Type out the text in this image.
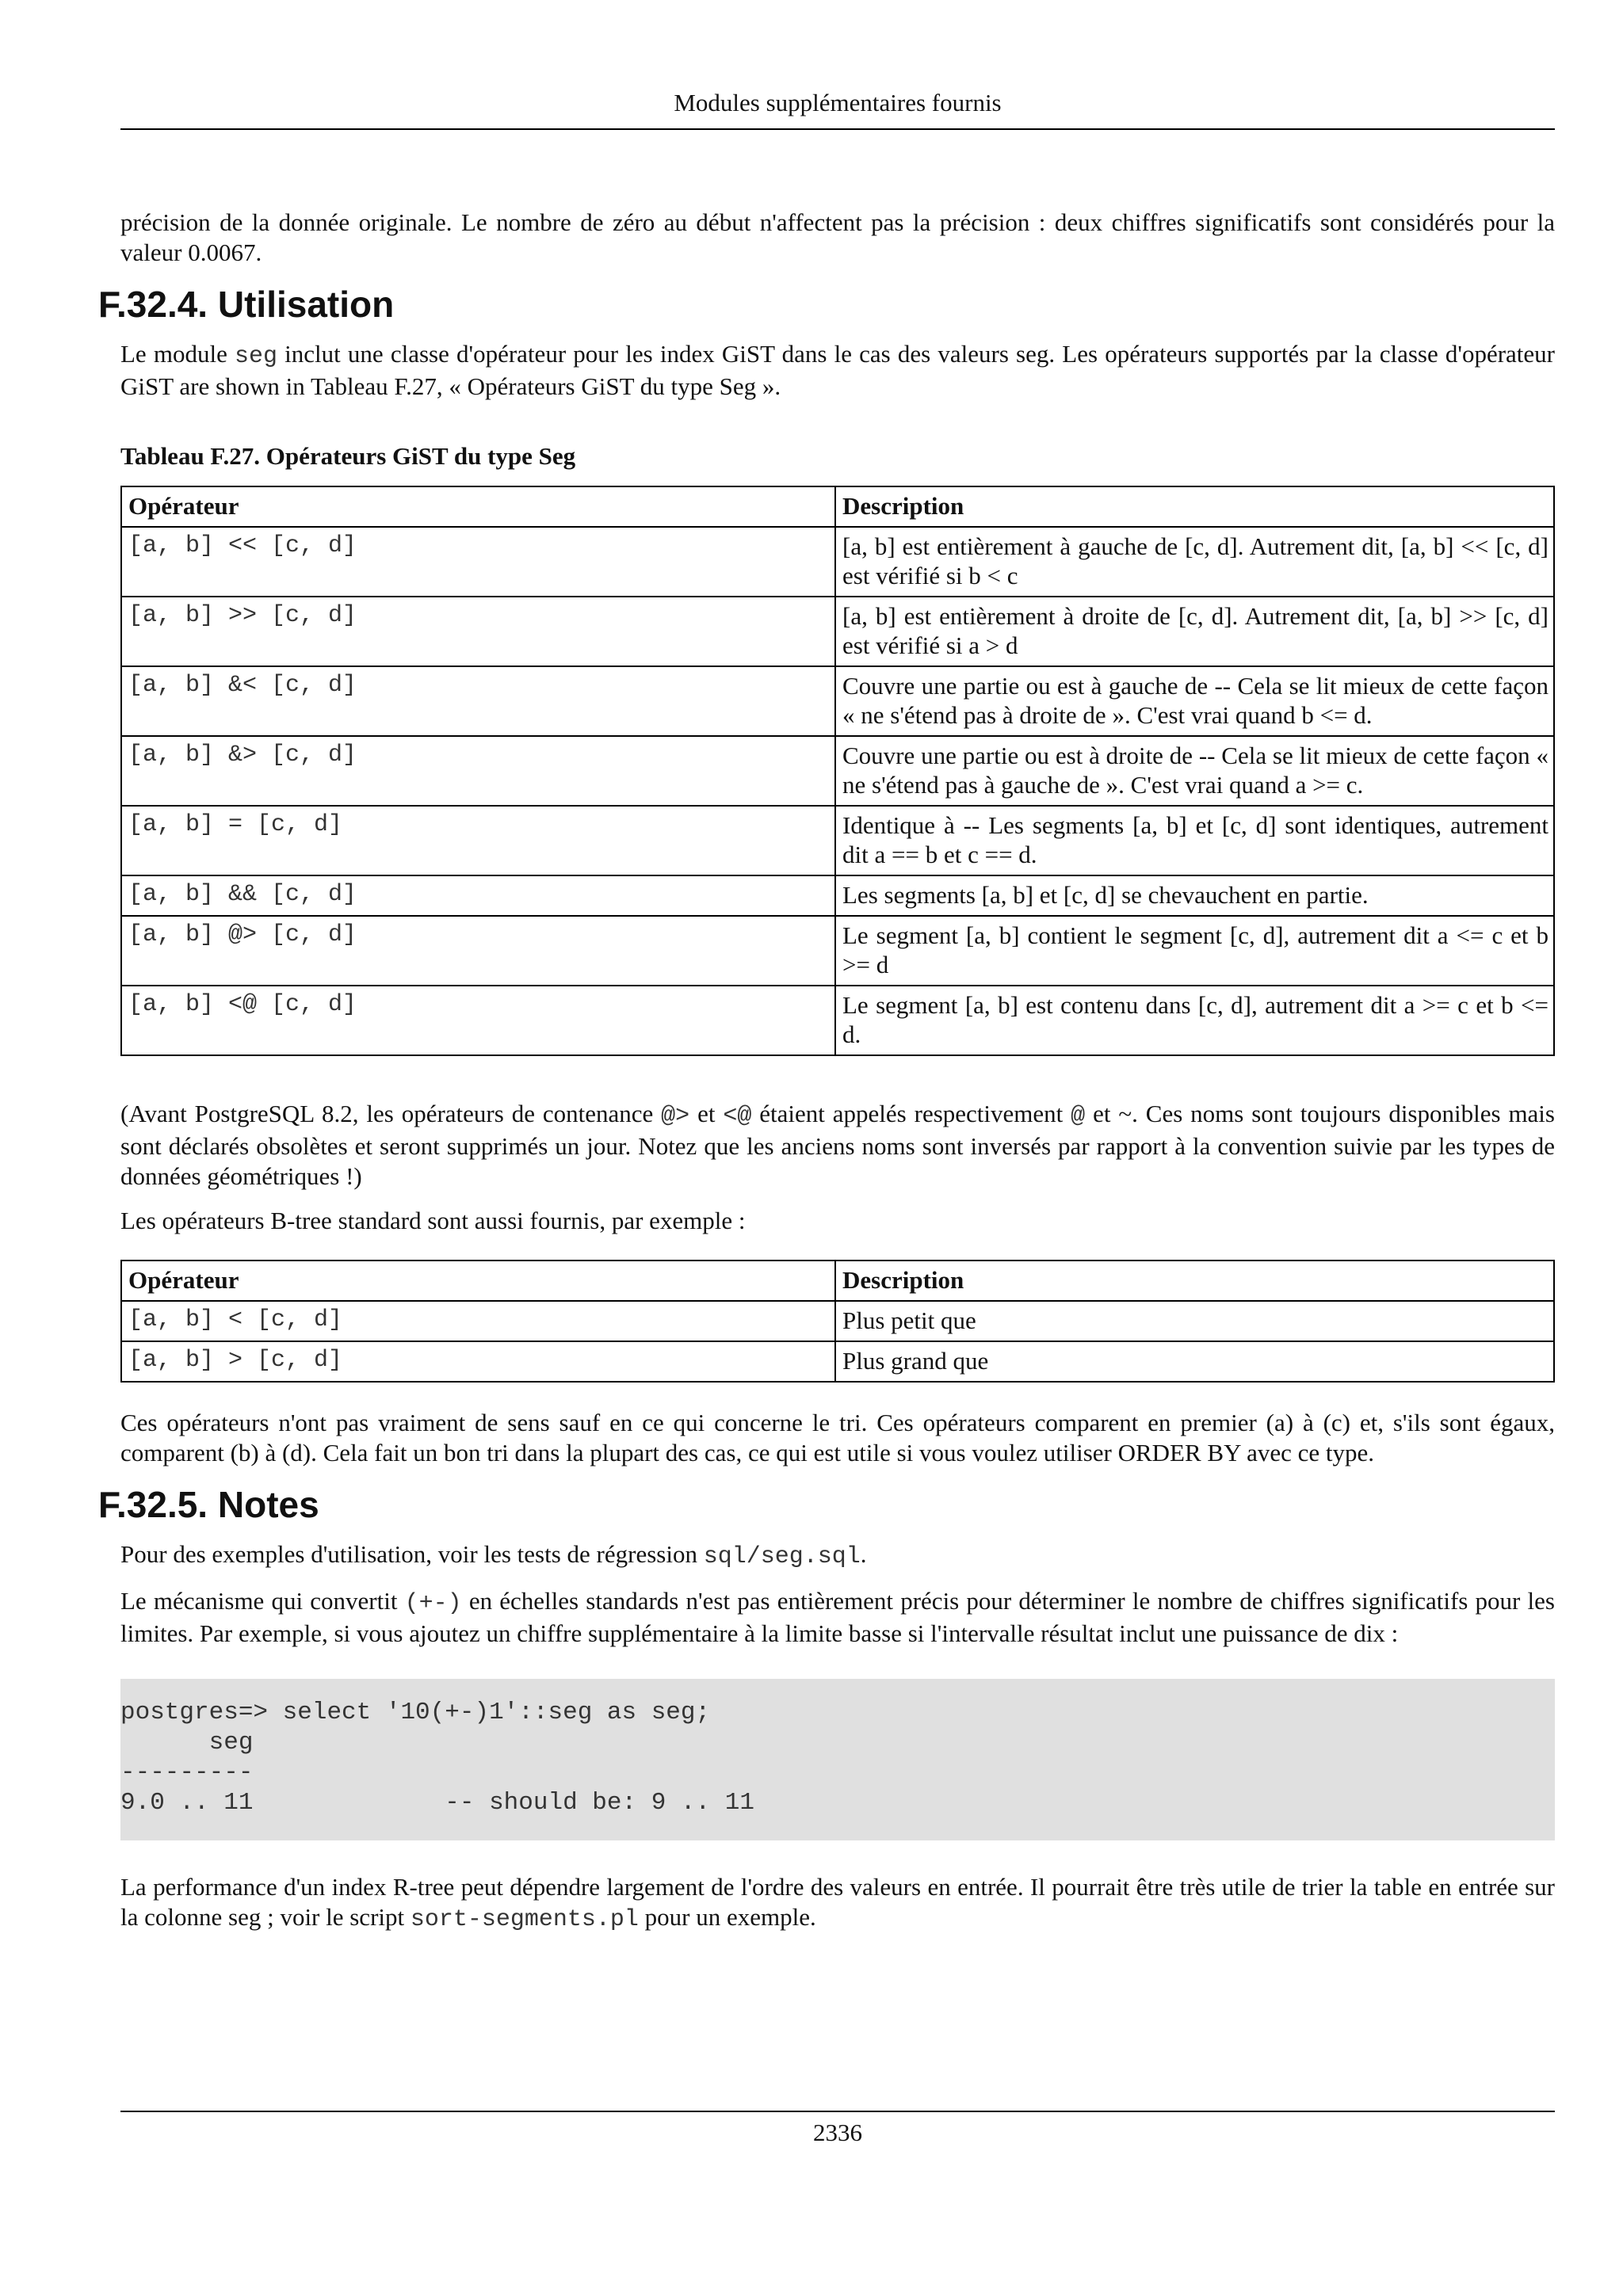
Modules supplémentaires fournis

précision de la donnée originale. Le nombre de zéro au début n'affectent pas la précision : deux chiffres significatifs sont considérés pour la valeur 0.0067.

F.32.4. Utilisation

Le module seg inclut une classe d'opérateur pour les index GiST dans le cas des valeurs seg. Les opérateurs supportés par la classe d'opérateur GiST are shown in Tableau F.27, « Opérateurs GiST du type Seg ».

Tableau F.27. Opérateurs GiST du type Seg
Opérateur	Description
[a, b] << [c, d]	[a, b] est entièrement à gauche de [c, d]. Autrement dit, [a, b] << [c, d] est vérifié si b < c
[a, b] >> [c, d]	[a, b] est entièrement à droite de [c, d]. Autrement dit, [a, b] >> [c, d] est vérifié si a > d
[a, b] &< [c, d]	Couvre une partie ou est à gauche de -- Cela se lit mieux de cette façon « ne s'étend pas à droite de ». C'est vrai quand b <= d.
[a, b] &> [c, d]	Couvre une partie ou est à droite de -- Cela se lit mieux de cette façon « ne s'étend pas à gauche de ». C'est vrai quand a >= c.
[a, b] = [c, d]	Identique à -- Les segments [a, b] et [c, d] sont identiques, autrement dit a == b et c == d.
[a, b] && [c, d]	Les segments [a, b] et [c, d] se chevauchent en partie.
[a, b] @> [c, d]	Le segment [a, b] contient le segment [c, d], autrement dit a <= c et b >= d
[a, b] <@ [c, d]	Le segment [a, b] est contenu dans [c, d], autrement dit a >= c et b <= d.

(Avant PostgreSQL 8.2, les opérateurs de contenance @> et <@ étaient appelés respectivement @ et ~. Ces noms sont toujours disponibles mais sont déclarés obsolètes et seront supprimés un jour. Notez que les anciens noms sont inversés par rapport à la convention suivie par les types de données géométriques !)

Les opérateurs B-tree standard sont aussi fournis, par exemple :

Opérateur	Description
[a, b] < [c, d]	Plus petit que
[a, b] > [c, d]	Plus grand que

Ces opérateurs n'ont pas vraiment de sens sauf en ce qui concerne le tri. Ces opérateurs comparent en premier (a) à (c) et, s'ils sont égaux, comparent (b) à (d). Cela fait un bon tri dans la plupart des cas, ce qui est utile si vous voulez utiliser ORDER BY avec ce type.

F.32.5. Notes

Pour des exemples d'utilisation, voir les tests de régression sql/seg.sql.

Le mécanisme qui convertit (+-) en échelles standards n'est pas entièrement précis pour déterminer le nombre de chiffres significatifs pour les limites. Par exemple, si vous ajoutez un chiffre supplémentaire à la limite basse si l'intervalle résultat inclut une puissance de dix :

postgres=> select '10(+-)1'::seg as seg;
seg
---------
9.0 .. 11             -- should be: 9 .. 11

La performance d'un index R-tree peut dépendre largement de l'ordre des valeurs en entrée. Il pourrait être très utile de trier la table en entrée sur la colonne seg ; voir le script sort-segments.pl pour un exemple.

2336
